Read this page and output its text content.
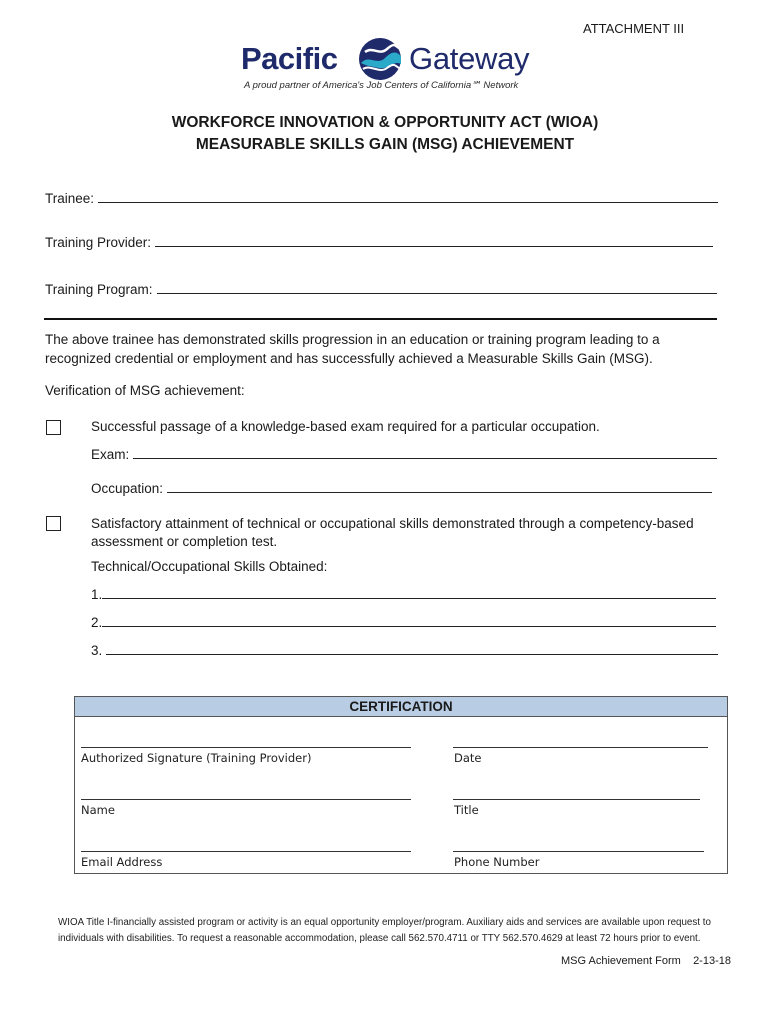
ATTACHMENT III
Pacific Gateway
A proud partner of America's Job Centers of California℠ Network
WORKFORCE INNOVATION & OPPORTUNITY ACT (WIOA)
MEASURABLE SKILLS GAIN (MSG) ACHIEVEMENT
Trainee:
Training Provider:
Training Program:
The above trainee has demonstrated skills progression in an education or training program leading to a recognized credential or employment and has successfully achieved a Measurable Skills Gain (MSG).
Verification of MSG achievement:
Successful passage of a knowledge-based exam required for a particular occupation.
Exam:
Occupation:
Satisfactory attainment of technical or occupational skills demonstrated through a competency-based assessment or completion test.
Technical/Occupational Skills Obtained:
1.
2.
3.
CERTIFICATION
Authorized Signature (Training Provider)	Date
Name	Title
Email Address	Phone Number
WIOA Title I-financially assisted program or activity is an equal opportunity employer/program. Auxiliary aids and services are available upon request to individuals with disabilities. To request a reasonable accommodation, please call 562.570.4711 or TTY 562.570.4629 at least 72 hours prior to event.
MSG Achievement Form 2-13-18
